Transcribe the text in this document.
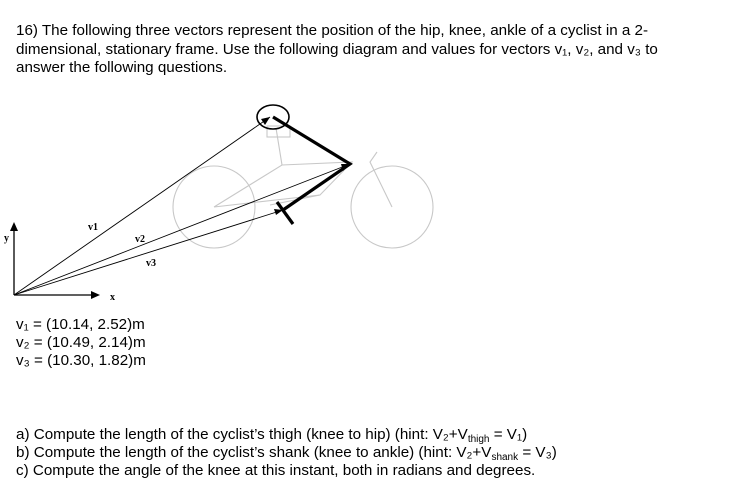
16) The following three vectors represent the position of the hip, knee, ankle of a cyclist in a 2-
dimensional, stationary frame. Use the following diagram and values for vectors v₁, v₂, and v₃ to
answer the following questions.
y
x
v1
v2
v3
v₁ = (10.14, 2.52)m
v₂ = (10.49, 2.14)m
v₃ = (10.30, 1.82)m
a) Compute the length of the cyclist’s thigh (knee to hip) (hint: $V_2+V_{thigh} = V_1$)
b) Compute the length of the cyclist’s shank (knee to ankle) (hint: $V_2+V_{shank} = V_3$)
c) Compute the angle of the knee at this instant, both in radians and degrees.
